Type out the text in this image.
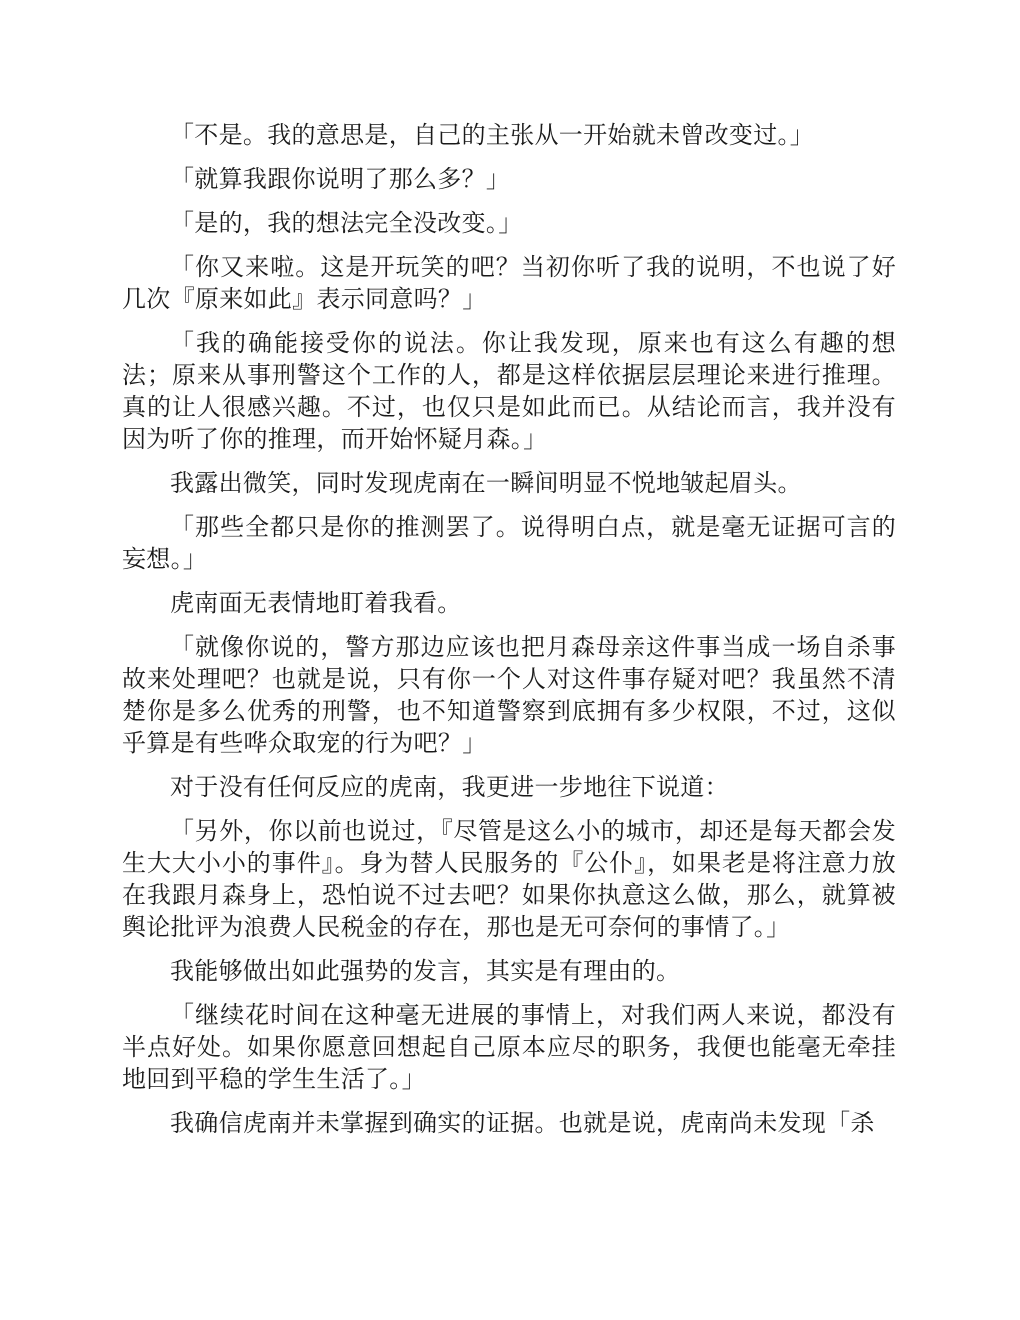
「不是。我的意思是，自己的主张从一开始就未曾改变过。」

「就算我跟你说明了那么多？」

「是的，我的想法完全没改变。」

「你又来啦。这是开玩笑的吧？当初你听了我的说明，不也说了好几次『原来如此』表示同意吗？」

「我的确能接受你的说法。你让我发现，原来也有这么有趣的想法；原来从事刑警这个工作的人，都是这样依据层层理论来进行推理。真的让人很感兴趣。不过，也仅只是如此而已。从结论而言，我并没有因为听了你的推理，而开始怀疑月森。」

我露出微笑，同时发现虎南在一瞬间明显不悦地皱起眉头。

「那些全都只是你的推测罢了。说得明白点，就是毫无证据可言的妄想。」

虎南面无表情地盯着我看。

「就像你说的，警方那边应该也把月森母亲这件事当成一场自杀事故来处理吧？也就是说，只有你一个人对这件事存疑对吧？我虽然不清楚你是多么优秀的刑警，也不知道警察到底拥有多少权限，不过，这似乎算是有些哗众取宠的行为吧？」

对于没有任何反应的虎南，我更进一步地往下说道：

「另外，你以前也说过，『尽管是这么小的城市，却还是每天都会发生大大小小的事件』。身为替人民服务的『公仆』，如果老是将注意力放在我跟月森身上，恐怕说不过去吧？如果你执意这么做，那么，就算被舆论批评为浪费人民税金的存在，那也是无可奈何的事情了。」

我能够做出如此强势的发言，其实是有理由的。

「继续花时间在这种毫无进展的事情上，对我们两人来说，都没有半点好处。如果你愿意回想起自己原本应尽的职务，我便也能毫无牵挂地回到平稳的学生生活了。」

我确信虎南并未掌握到确实的证据。也就是说，虎南尚未发现「杀
